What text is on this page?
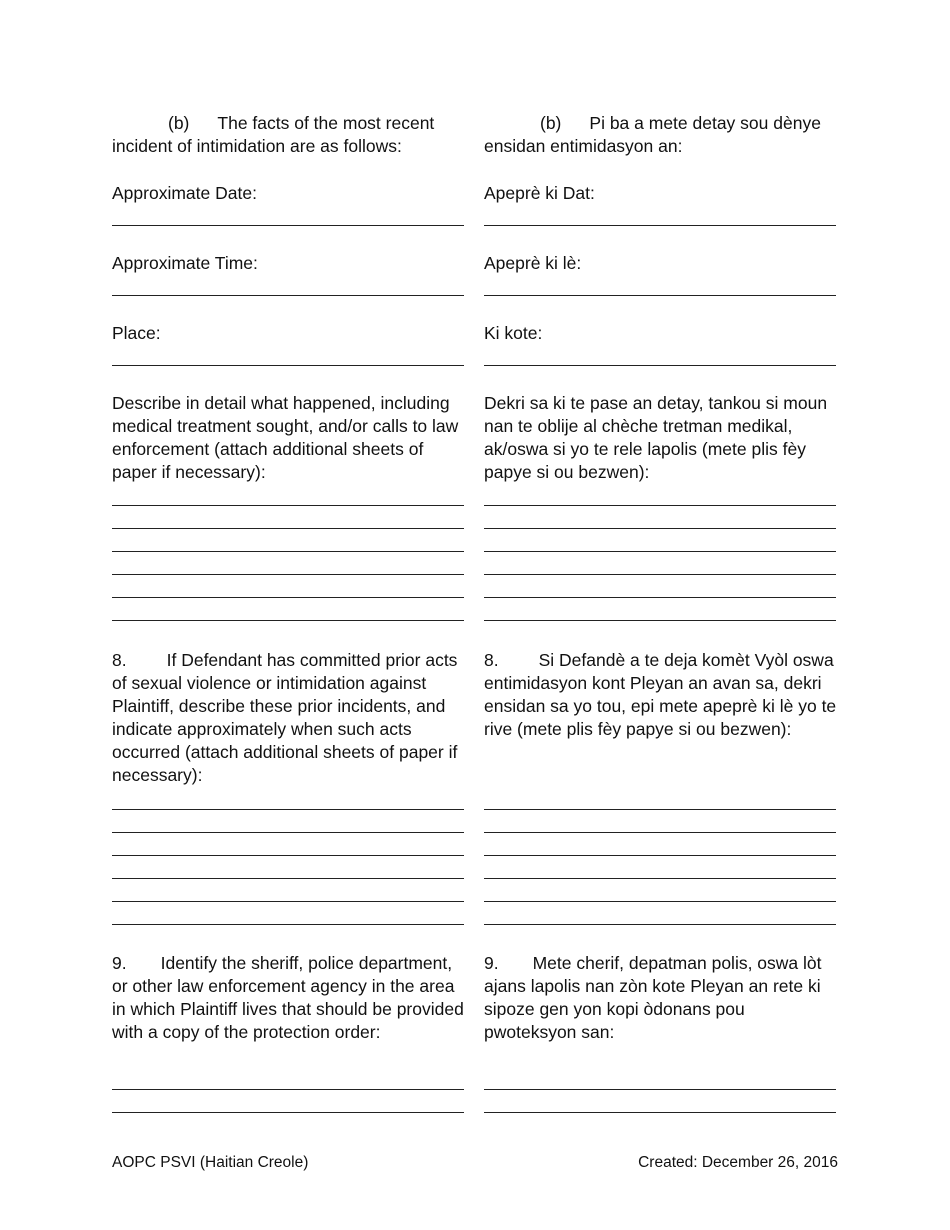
(b) The facts of the most recent incident of intimidation are as follows:

Approximate Date:
Approximate Time:
Place:
Describe in detail what happened, including medical treatment sought, and/or calls to law enforcement (attach additional sheets of paper if necessary):
8. If Defendant has committed prior acts of sexual violence or intimidation against Plaintiff, describe these prior incidents, and indicate approximately when such acts occurred (attach additional sheets of paper if necessary):
9. Identify the sheriff, police department, or other law enforcement agency in the area in which Plaintiff lives that should be provided with a copy of the protection order:

(b) Pi ba a mete detay sou dènye ensidan entimidasyon an:

Apeprè ki Dat:
Apeprè ki lè:
Ki kote:
Dekri sa ki te pase an detay, tankou si moun nan te oblije al chèche tretman medikal, ak/oswa si yo te rele lapolis (mete plis fèy papye si ou bezwen):
8. Si Defandè a te deja komèt Vyòl oswa entimidasyon kont Pleyan an avan sa, dekri ensidan sa yo tou, epi mete apeprè ki lè yo te rive (mete plis fèy papye si ou bezwen):
9. Mete cherif, depatman polis, oswa lòt ajans lapolis nan zòn kote Pleyan an rete ki sipoze gen yon kopi òdonans pou pwoteksyon san:
AOPC PSVI (Haitian Creole)	Created: December 26, 2016
